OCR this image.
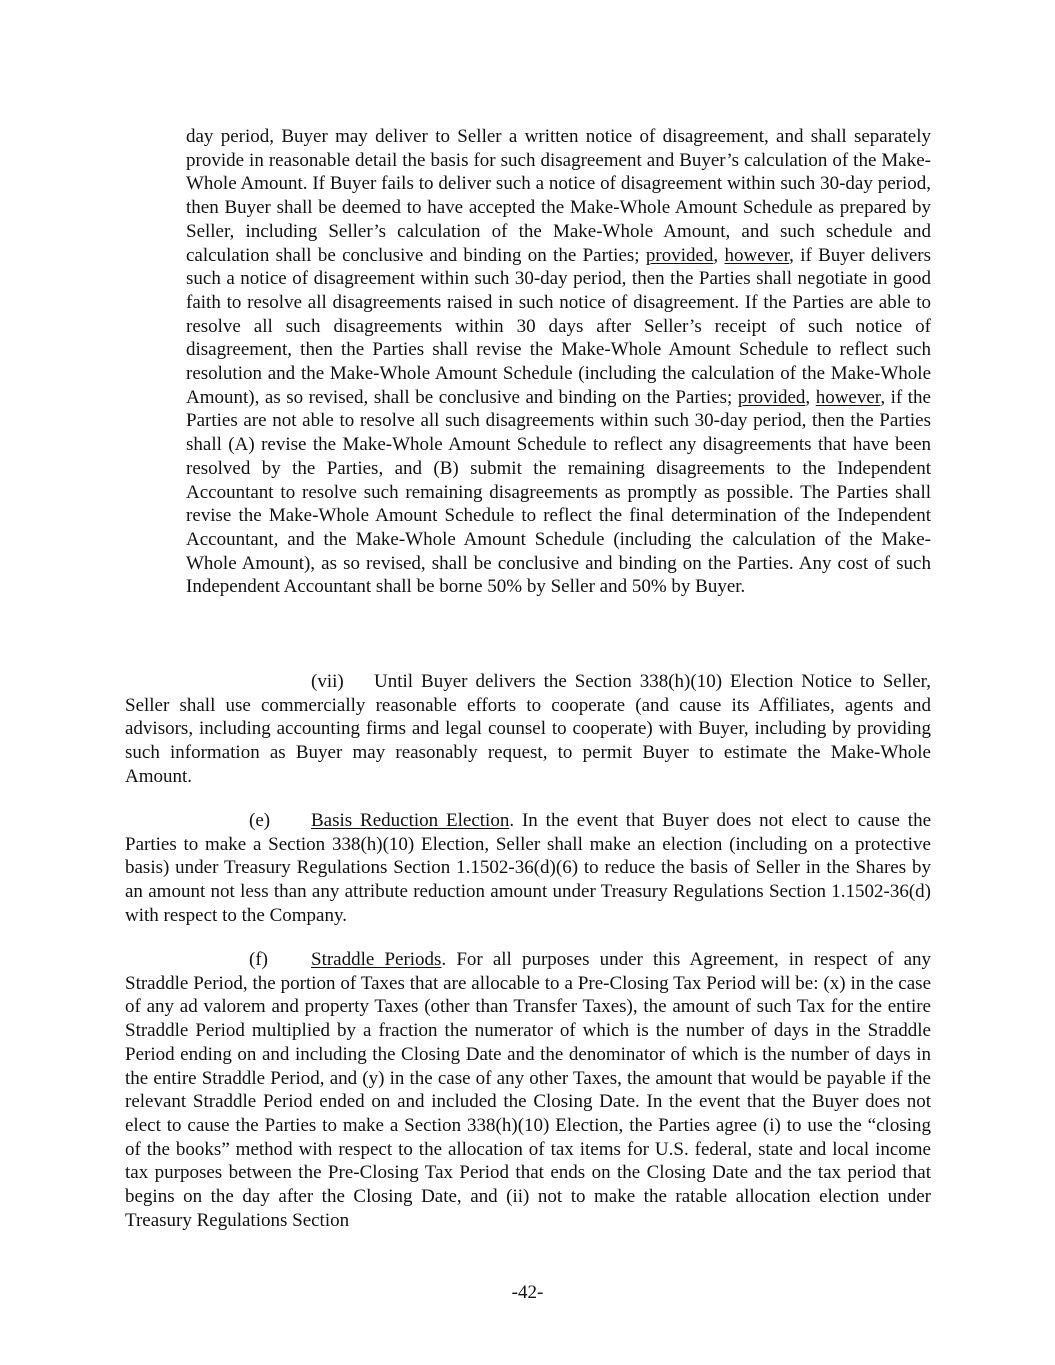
day period, Buyer may deliver to Seller a written notice of disagreement, and shall separately provide in reasonable detail the basis for such disagreement and Buyer’s calculation of the Make-Whole Amount. If Buyer fails to deliver such a notice of disagreement within such 30-day period, then Buyer shall be deemed to have accepted the Make-Whole Amount Schedule as prepared by Seller, including Seller’s calculation of the Make-Whole Amount, and such schedule and calculation shall be conclusive and binding on the Parties; provided, however, if Buyer delivers such a notice of disagreement within such 30-day period, then the Parties shall negotiate in good faith to resolve all disagreements raised in such notice of disagreement. If the Parties are able to resolve all such disagreements within 30 days after Seller’s receipt of such notice of disagreement, then the Parties shall revise the Make-Whole Amount Schedule to reflect such resolution and the Make-Whole Amount Schedule (including the calculation of the Make-Whole Amount), as so revised, shall be conclusive and binding on the Parties; provided, however, if the Parties are not able to resolve all such disagreements within such 30-day period, then the Parties shall (A) revise the Make-Whole Amount Schedule to reflect any disagreements that have been resolved by the Parties, and (B) submit the remaining disagreements to the Independent Accountant to resolve such remaining disagreements as promptly as possible. The Parties shall revise the Make-Whole Amount Schedule to reflect the final determination of the Independent Accountant, and the Make-Whole Amount Schedule (including the calculation of the Make-Whole Amount), as so revised, shall be conclusive and binding on the Parties. Any cost of such Independent Accountant shall be borne 50% by Seller and 50% by Buyer.

(vii) Until Buyer delivers the Section 338(h)(10) Election Notice to Seller, Seller shall use commercially reasonable efforts to cooperate (and cause its Affiliates, agents and advisors, including accounting firms and legal counsel to cooperate) with Buyer, including by providing such information as Buyer may reasonably request, to permit Buyer to estimate the Make-Whole Amount.

(e) Basis Reduction Election. In the event that Buyer does not elect to cause the Parties to make a Section 338(h)(10) Election, Seller shall make an election (including on a protective basis) under Treasury Regulations Section 1.1502-36(d)(6) to reduce the basis of Seller in the Shares by an amount not less than any attribute reduction amount under Treasury Regulations Section 1.1502-36(d) with respect to the Company.

(f) Straddle Periods. For all purposes under this Agreement, in respect of any Straddle Period, the portion of Taxes that are allocable to a Pre-Closing Tax Period will be: (x) in the case of any ad valorem and property Taxes (other than Transfer Taxes), the amount of such Tax for the entire Straddle Period multiplied by a fraction the numerator of which is the number of days in the Straddle Period ending on and including the Closing Date and the denominator of which is the number of days in the entire Straddle Period, and (y) in the case of any other Taxes, the amount that would be payable if the relevant Straddle Period ended on and included the Closing Date. In the event that the Buyer does not elect to cause the Parties to make a Section 338(h)(10) Election, the Parties agree (i) to use the “closing of the books” method with respect to the allocation of tax items for U.S. federal, state and local income tax purposes between the Pre-Closing Tax Period that ends on the Closing Date and the tax period that begins on the day after the Closing Date, and (ii) not to make the ratable allocation election under Treasury Regulations Section

-42-
